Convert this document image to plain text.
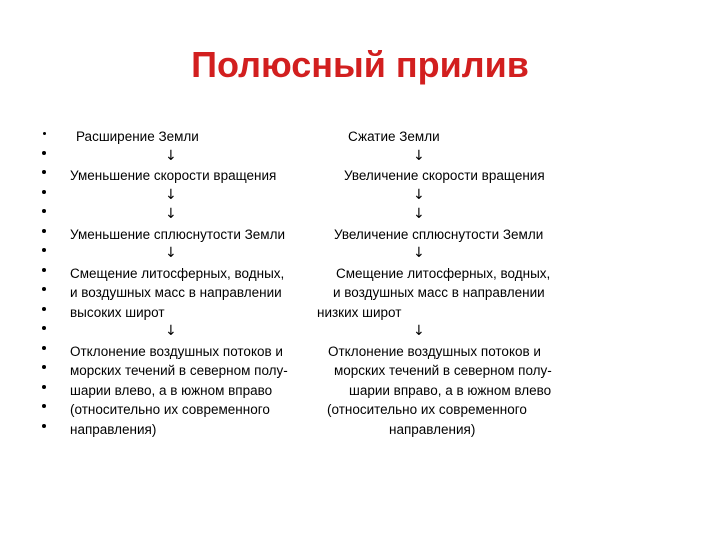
Полюсный прилив
Расширение Земли
↓
Уменьшение скорости вращения
↓
↓
Уменьшение сплюснутости Земли
↓
Смещение литосферных, водных,
и воздушных масс в направлении
высоких широт
↓
Отклонение воздушных потоков и
морских течений в северном полу-
шарии влево, а в южном вправо
(относительно их современного
направления)
Сжатие Земли
↓
Увеличение скорости вращения
↓
↓
Увеличение сплюснутости Земли
↓
Смещение литосферных, водных,
и воздушных масс в направлении
низких широт
↓
Отклонение воздушных потоков и
морских течений в северном полу-
шарии вправо, а в южном влево
(относительно их современного
направления)
